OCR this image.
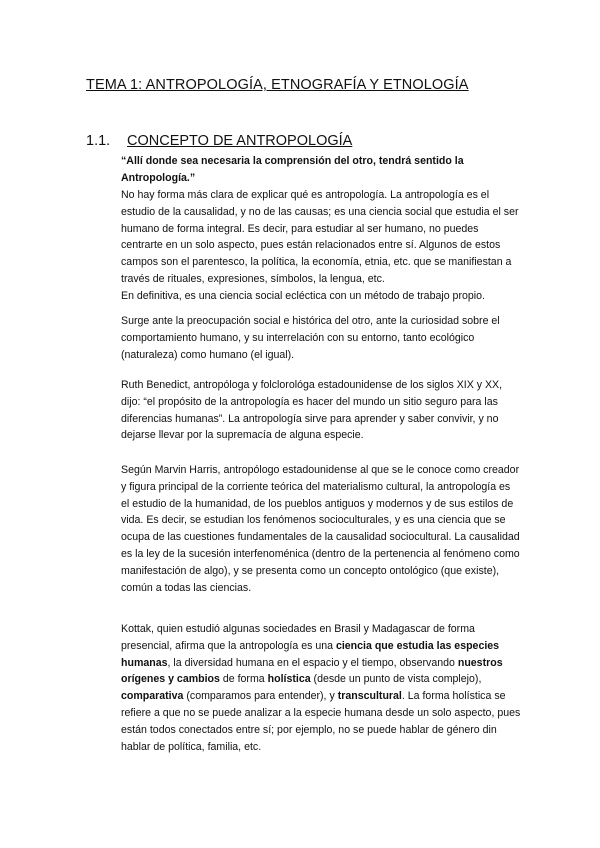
TEMA 1: ANTROPOLOGÍA, ETNOGRAFÍA Y ETNOLOGÍA
1.1. CONCEPTO DE ANTROPOLOGÍA

“Allí donde sea necesaria la comprensión del otro, tendrá sentido la Antropología.”

No hay forma más clara de explicar qué es antropología. La antropología es el estudio de la causalidad, y no de las causas; es una ciencia social que estudia el ser humano de forma integral. Es decir, para estudiar al ser humano, no puedes centrarte en un solo aspecto, pues están relacionados entre sí. Algunos de estos campos son el parentesco, la política, la economía, etnia, etc. que se manifiestan a través de rituales, expresiones, símbolos, la lengua, etc.

En definitiva, es una ciencia social ecléctica con un método de trabajo propio.

Surge ante la preocupación social e histórica del otro, ante la curiosidad sobre el comportamiento humano, y su interrelación con su entorno, tanto ecológico (naturaleza) como humano (el igual).

Ruth Benedict, antropóloga y folclorológa estadounidense de los siglos XIX y XX, dijo: “el propósito de la antropología es hacer del mundo un sitio seguro para las diferencias humanas”. La antropología sirve para aprender y saber convivir, y no dejarse llevar por la supremacía de alguna especie.

Según Marvin Harris, antropólogo estadounidense al que se le conoce como creador y figura principal de la corriente teórica del materialismo cultural, la antropología es el estudio de la humanidad, de los pueblos antiguos y modernos y de sus estilos de vida. Es decir, se estudian los fenómenos socioculturales, y es una ciencia que se ocupa de las cuestiones fundamentales de la causalidad sociocultural. La causalidad es la ley de la sucesión interfenoménica (dentro de la pertenencia al fenómeno como manifestación de algo), y se presenta como un concepto ontológico (que existe), común a todas las ciencias.

Kottak, quien estudió algunas sociedades en Brasil y Madagascar de forma presencial, afirma que la antropología es una ciencia que estudia las especies humanas, la diversidad humana en el espacio y el tiempo, observando nuestros orígenes y cambios de forma holística (desde un punto de vista complejo), comparativa (comparamos para entender), y transcultural. La forma holística se refiere a que no se puede analizar a la especie humana desde un solo aspecto, pues están todos conectados entre sí; por ejemplo, no se puede hablar de género din hablar de política, familia, etc.
